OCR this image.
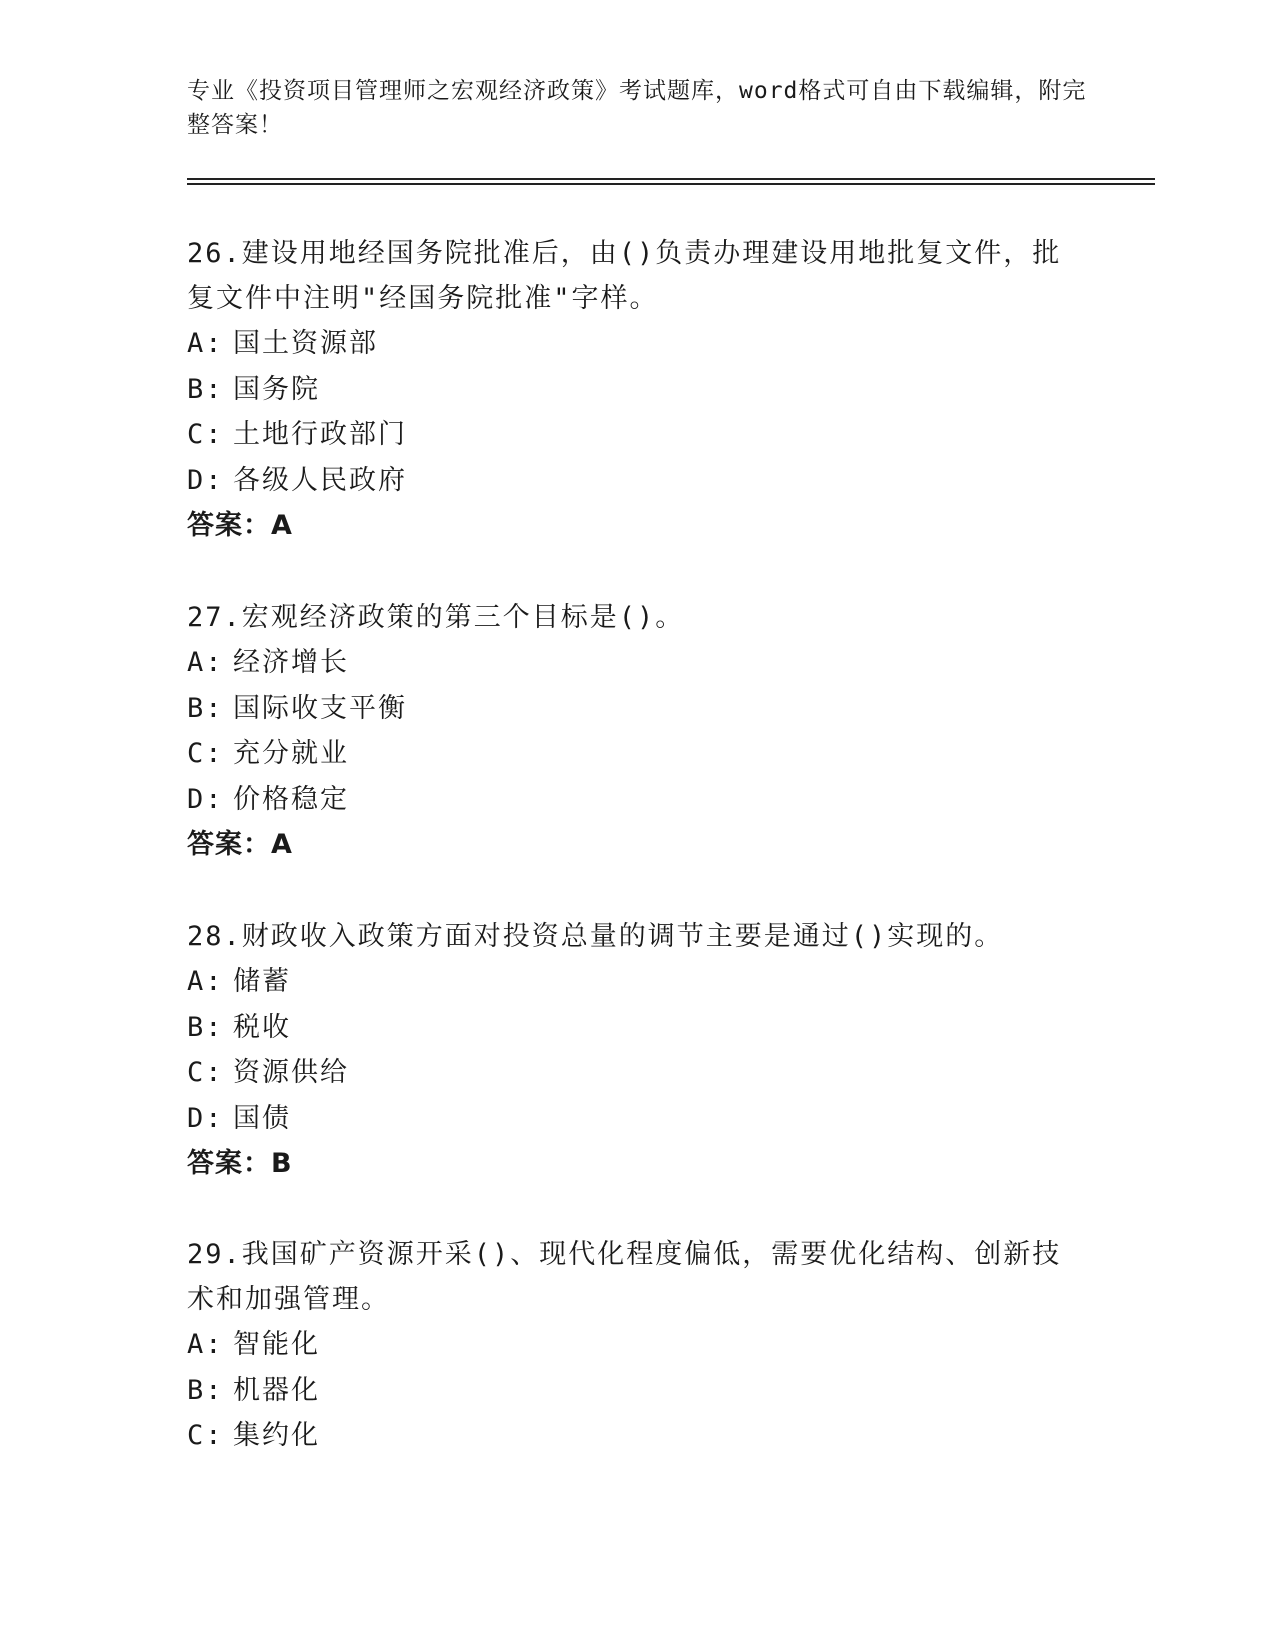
专业《投资项目管理师之宏观经济政策》考试题库，word格式可自由下载编辑，附完整答案！

26.建设用地经国务院批准后，由()负责办理建设用地批复文件，批复文件中注明"经国务院批准"字样。

A: 国土资源部

B: 国务院

C: 土地行政部门

D: 各级人民政府

答案：A

27.宏观经济政策的第三个目标是()。

A: 经济增长

B: 国际收支平衡

C: 充分就业

D: 价格稳定

答案：A

28.财政收入政策方面对投资总量的调节主要是通过()实现的。

A: 储蓄

B: 税收

C: 资源供给

D: 国债

答案：B

29.我国矿产资源开采()、现代化程度偏低，需要优化结构、创新技术和加强管理。

A: 智能化

B: 机器化

C: 集约化
